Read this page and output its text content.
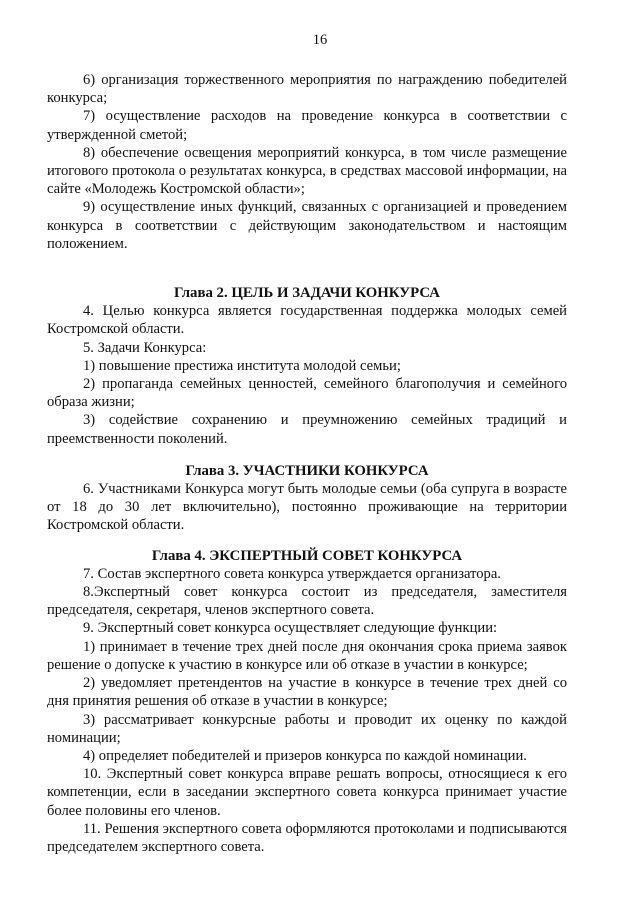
16

6) организация торжественного мероприятия по награждению победителей конкурса;

7) осуществление расходов на проведение конкурса в соответствии с утвержденной сметой;

8) обеспечение освещения мероприятий конкурса, в том числе размещение итогового протокола о результатах конкурса, в средствах массовой информации, на сайте «Молодежь Костромской области»;

9) осуществление иных функций, связанных с организацией и проведением конкурса в соответствии с действующим законодательством и настоящим положением.

Глава 2. ЦЕЛЬ И ЗАДАЧИ КОНКУРСА

4. Целью конкурса является государственная поддержка молодых семей Костромской области.

5. Задачи Конкурса:

1) повышение престижа института молодой семьи;

2) пропаганда семейных ценностей, семейного благополучия и семейного образа жизни;

3) содействие сохранению и преумножению семейных традиций и преемственности поколений.

Глава 3. УЧАСТНИКИ КОНКУРСА

6. Участниками Конкурса могут быть молодые семьи (оба супруга в возрасте от 18 до 30 лет включительно), постоянно проживающие на территории Костромской области.

Глава 4. ЭКСПЕРТНЫЙ СОВЕТ КОНКУРСА

7. Состав экспертного совета конкурса утверждается организатора.

8.Экспертный совет конкурса состоит из председателя, заместителя председателя, секретаря, членов экспертного совета.

9. Экспертный совет конкурса осуществляет следующие функции:

1) принимает в течение трех дней после дня окончания срока приема заявок решение о допуске к участию в конкурсе или об отказе в участии в конкурсе;

2) уведомляет претендентов на участие в конкурсе в течение трех дней со дня принятия решения об отказе в участии в конкурсе;

3) рассматривает конкурсные работы и проводит их оценку по каждой номинации;

4) определяет победителей и призеров конкурса по каждой номинации.

10. Экспертный совет конкурса вправе решать вопросы, относящиеся к его компетенции, если в заседании экспертного совета конкурса принимает участие более половины его членов.

11. Решения экспертного совета оформляются протоколами и подписываются председателем экспертного совета.
